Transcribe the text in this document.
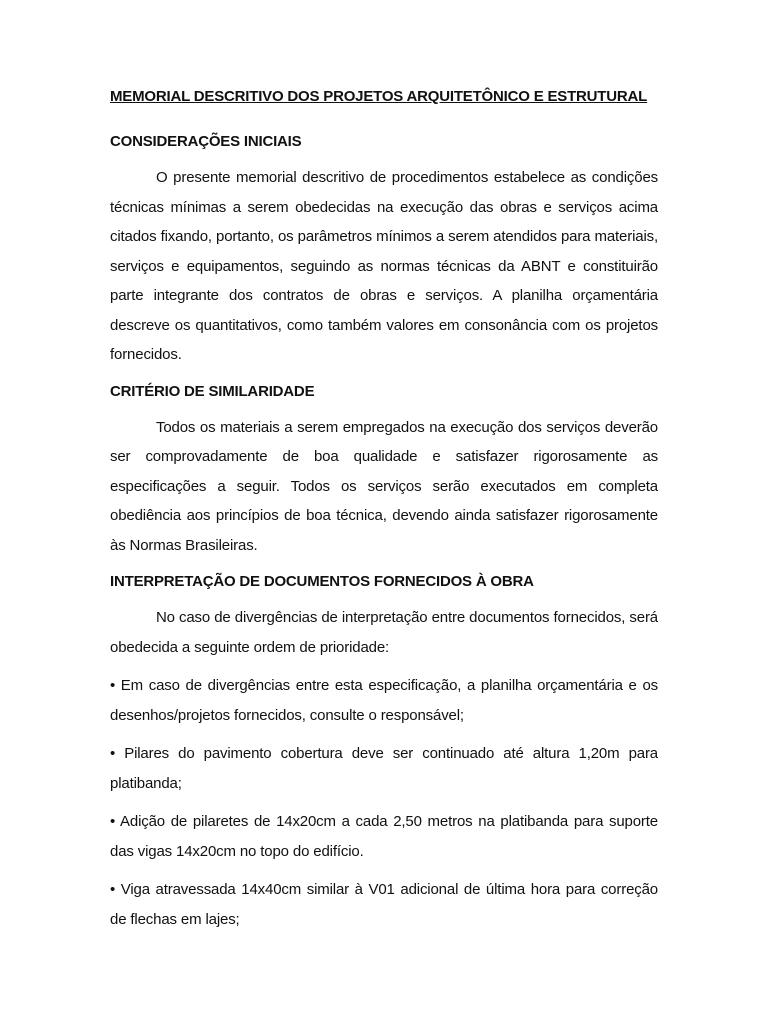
MEMORIAL DESCRITIVO DOS PROJETOS ARQUITETÔNICO E ESTRUTURAL
CONSIDERAÇÕES INICIAIS

O presente memorial descritivo de procedimentos estabelece as condições técnicas mínimas a serem obedecidas na execução das obras e serviços acima citados fixando, portanto, os parâmetros mínimos a serem atendidos para materiais, serviços e equipamentos, seguindo as normas técnicas da ABNT e constituirão parte integrante dos contratos de obras e serviços. A planilha orçamentária descreve os quantitativos, como também valores em consonância com os projetos fornecidos.

CRITÉRIO DE SIMILARIDADE

Todos os materiais a serem empregados na execução dos serviços deverão ser comprovadamente de boa qualidade e satisfazer rigorosamente as especificações a seguir. Todos os serviços serão executados em completa obediência aos princípios de boa técnica, devendo ainda satisfazer rigorosamente às Normas Brasileiras.

INTERPRETAÇÃO DE DOCUMENTOS FORNECIDOS À OBRA

No caso de divergências de interpretação entre documentos fornecidos, será obedecida a seguinte ordem de prioridade:

• Em caso de divergências entre esta especificação, a planilha orçamentária e os desenhos/projetos fornecidos, consulte o responsável;

• Pilares do pavimento cobertura deve ser continuado até altura 1,20m para platibanda;

• Adição de pilaretes de 14x20cm a cada 2,50 metros na platibanda para suporte das vigas 14x20cm no topo do edifício.

• Viga atravessada 14x40cm similar à V01 adicional de última hora para correção de flechas em lajes;
